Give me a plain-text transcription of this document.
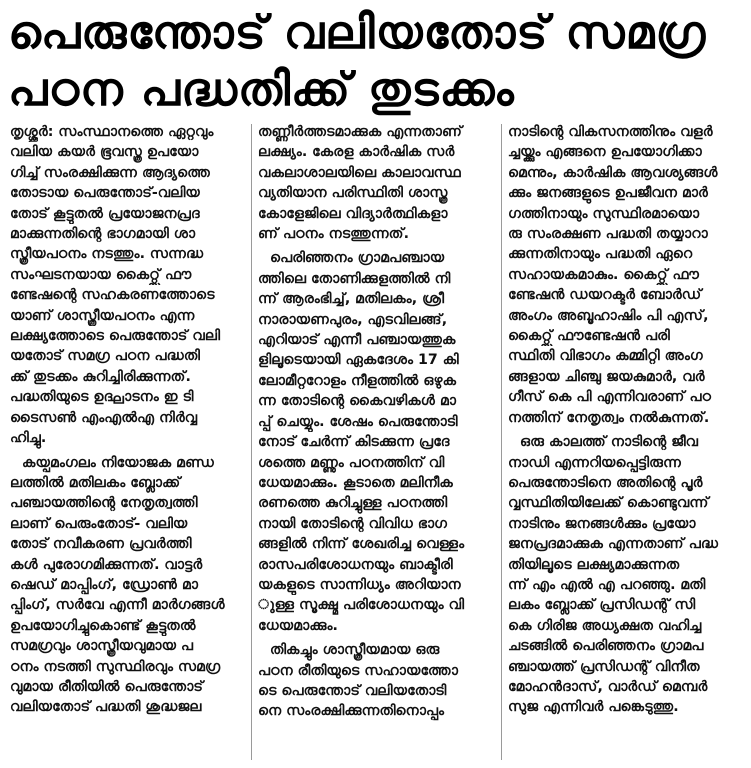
പെരുന്തോട് വലിയതോട് സമഗ്ര
പഠന പദ്ധതിക്ക് തുടക്കം
തൃശ്ശൂർ: സംസ്ഥാനത്തെ ഏറ്റവും
വലിയ കയർ ഭൂവസ്ത്ര ഉപയോ
ഗിച്ച് സംരക്ഷിക്കുന്ന ആദ്യത്തെ
തോടായ പെരുന്തോട്-വലിയ
തോട് കൂട്ടുതൽ പ്രയോജനപ്രദ
മാക്കുന്നതിന്റെ ഭാഗമായി ശാ
സ്ത്രീയപഠനം നടത്തും. സന്നദ്ധ
സംഘടനയായ കൈറ്റ്സ് ഫൗ
ണ്ടേഷന്റെ സഹകരണത്തോടെ
യാണ് ശാസ്ത്രീയപഠനം എന്ന
ലക്ഷ്യത്തോടെ പെരുന്തോട് വലി
യതോട് സമഗ്ര പഠന പദ്ധതി
ക്ക് തുടക്കം കുറിച്ചിരിക്കുന്നത്.
പദ്ധതിയുടെ ഉദ്ഘാടനം ഇ ടി
ടൈസൺ എംഎൽഎ നിർവ്വ
ഹിച്ചു.
കയ്പമംഗലം നിയോജക മണ്ഡ
ലത്തിൽ മതിലകം ബ്ലോക്ക്
പഞ്ചായത്തിന്റെ നേതൃത്വത്തി
ലാണ് പെരുംതോട്- വലിയ
തോട് നവീകരണ പ്രവർത്തി
കൾ പുരോഗമിക്കുന്നത്. വാട്ടർ
ഷെഡ് മാപ്പിംഗ്, ഡ്രോൺ മാ
പ്പിംഗ്, സർവേ എന്നീ മാർഗങ്ങൾ
ഉപയോഗിച്ചുകൊണ്ട് കൂട്ടുതൽ
സമഗ്രവും ശാസ്ത്രീയവുമായ പ
ഠനം നടത്തി സുസ്ഥിരവും സമഗ്ര
വുമായ രീതിയിൽ പെരുന്തോട്
വലിയതോട് പദ്ധതി ശുദ്ധജല
തണ്ണീർത്തടമാക്കുക എന്നതാണ്
ലക്ഷ്യം. കേരള കാർഷിക സർ
വകലാശാലയിലെ കാലാവസ്ഥ
വ്യതിയാന പരിസ്ഥിതി ശാസ്ത്ര
കോളേജിലെ വിദ്യാർത്ഥികളാ
ണ് പഠനം നടത്തുന്നത്.
പെരിഞ്ഞനം ഗ്രാമപഞ്ചായ
ത്തിലെ തോണിക്കുളത്തിൽ നി
ന്ന് ആരംഭിച്ച്, മതിലകം, ശ്രീ
നാരായണപുരം, എടവിലങ്ങ്,
എറിയാട് എന്നീ പഞ്ചായത്തുക
ളിലൂടെയായി ഏകദേശം 17 കി
ലോമീറ്ററോളം നീളത്തിൽ ഒഴുക
ന്ന തോടിന്റെ കൈവഴികൾ മാ
പ്പ് ചെയ്യും. ശേഷം പെരുന്തോടി
നോട് ചേർന്ന് കിടക്കുന്ന പ്രദേ
ശത്തെ മണ്ണും പഠനത്തിന് വി
ധേയമാക്കും. കൂടാതെ മലിനീക
രണത്തെ കുറിച്ചുള്ള പഠനത്തി
നായി തോടിന്റെ വിവിധ ഭാഗ
ങ്ങളിൽ നിന്ന് ശേഖരിച്ച വെള്ളം
രാസപരിശോധനയും ബാക്ടീരി
യകളുടെ സാന്നിധ്യം അറിയാന
ുള്ള സൂക്ഷ്മ പരിശോധനയും വി
ധേയമാക്കും.
തികച്ചും ശാസ്ത്രീയമായ ഒരു
പഠന രീതിയുടെ സഹായത്തോ
ടെ പെരുന്തോട് വലിയതോടി
നെ സംരക്ഷിക്കുന്നതിനൊപ്പം
നാടിന്റെ വികസനത്തിനും വളർ
ച്ചയ്ക്കും എങ്ങനെ ഉപയോഗിക്കാ
മെന്നും, കാർഷിക ആവശ്യങ്ങൾ
ക്കും ജനങ്ങളുടെ ഉപജീവന മാർ
ഗത്തിനായും സുസ്ഥിരമായൊ
രു സംരക്ഷണ പദ്ധതി തയ്യാറാ
ക്കുന്നതിനായും പദ്ധതി ഏറെ
സഹായകമാകും. കൈറ്റ്സ് ഫൗ
ണ്ടേഷൻ ഡയറക്ടർ ബോർഡ്
അംഗം അബൂഹാഷിം പി എസ്,
കൈറ്റ്സ് ഫൗണ്ടേഷൻ പരി
സ്ഥിതി വിഭാഗം കമ്മിറ്റി അംഗ
ങ്ങളായ ചിഞ്ചു ജയകുമാർ, വർ
ഗീസ് കെ പി എന്നിവരാണ് പഠ
നത്തിന് നേതൃത്വം നൽകുന്നത്.
ഒരു കാലത്ത് നാടിന്റെ ജീവ
നാഡി എന്നറിയപ്പെട്ടിരുന്ന
പെരുന്തോടിനെ അതിന്റെ പൂർ
വ്വസ്ഥിതിയിലേക്ക് കൊണ്ടുവന്ന്
നാടിനും ജനങ്ങൾക്കും പ്രയോ
ജനപ്രദമാക്കുക എന്നതാണ് പദ്ധ
തിയിലൂടെ ലക്ഷ്യമാക്കുന്നത
ന്ന് എം എൽ എ പറഞ്ഞു. മതി
ലകം ബ്ലോക്ക് പ്രസിഡന്റ് സി
കെ ഗിരിജ അധ്യക്ഷത വഹിച്ച
ചടങ്ങിൽ പെരിഞ്ഞനം ഗ്രാമപ
ഞ്ചായത്ത് പ്രസിഡന്റ് വിനീത
മോഹൻദാസ്, വാർഡ് മെമ്പർ
സുജ എന്നിവർ പങ്കെടുത്തു.
